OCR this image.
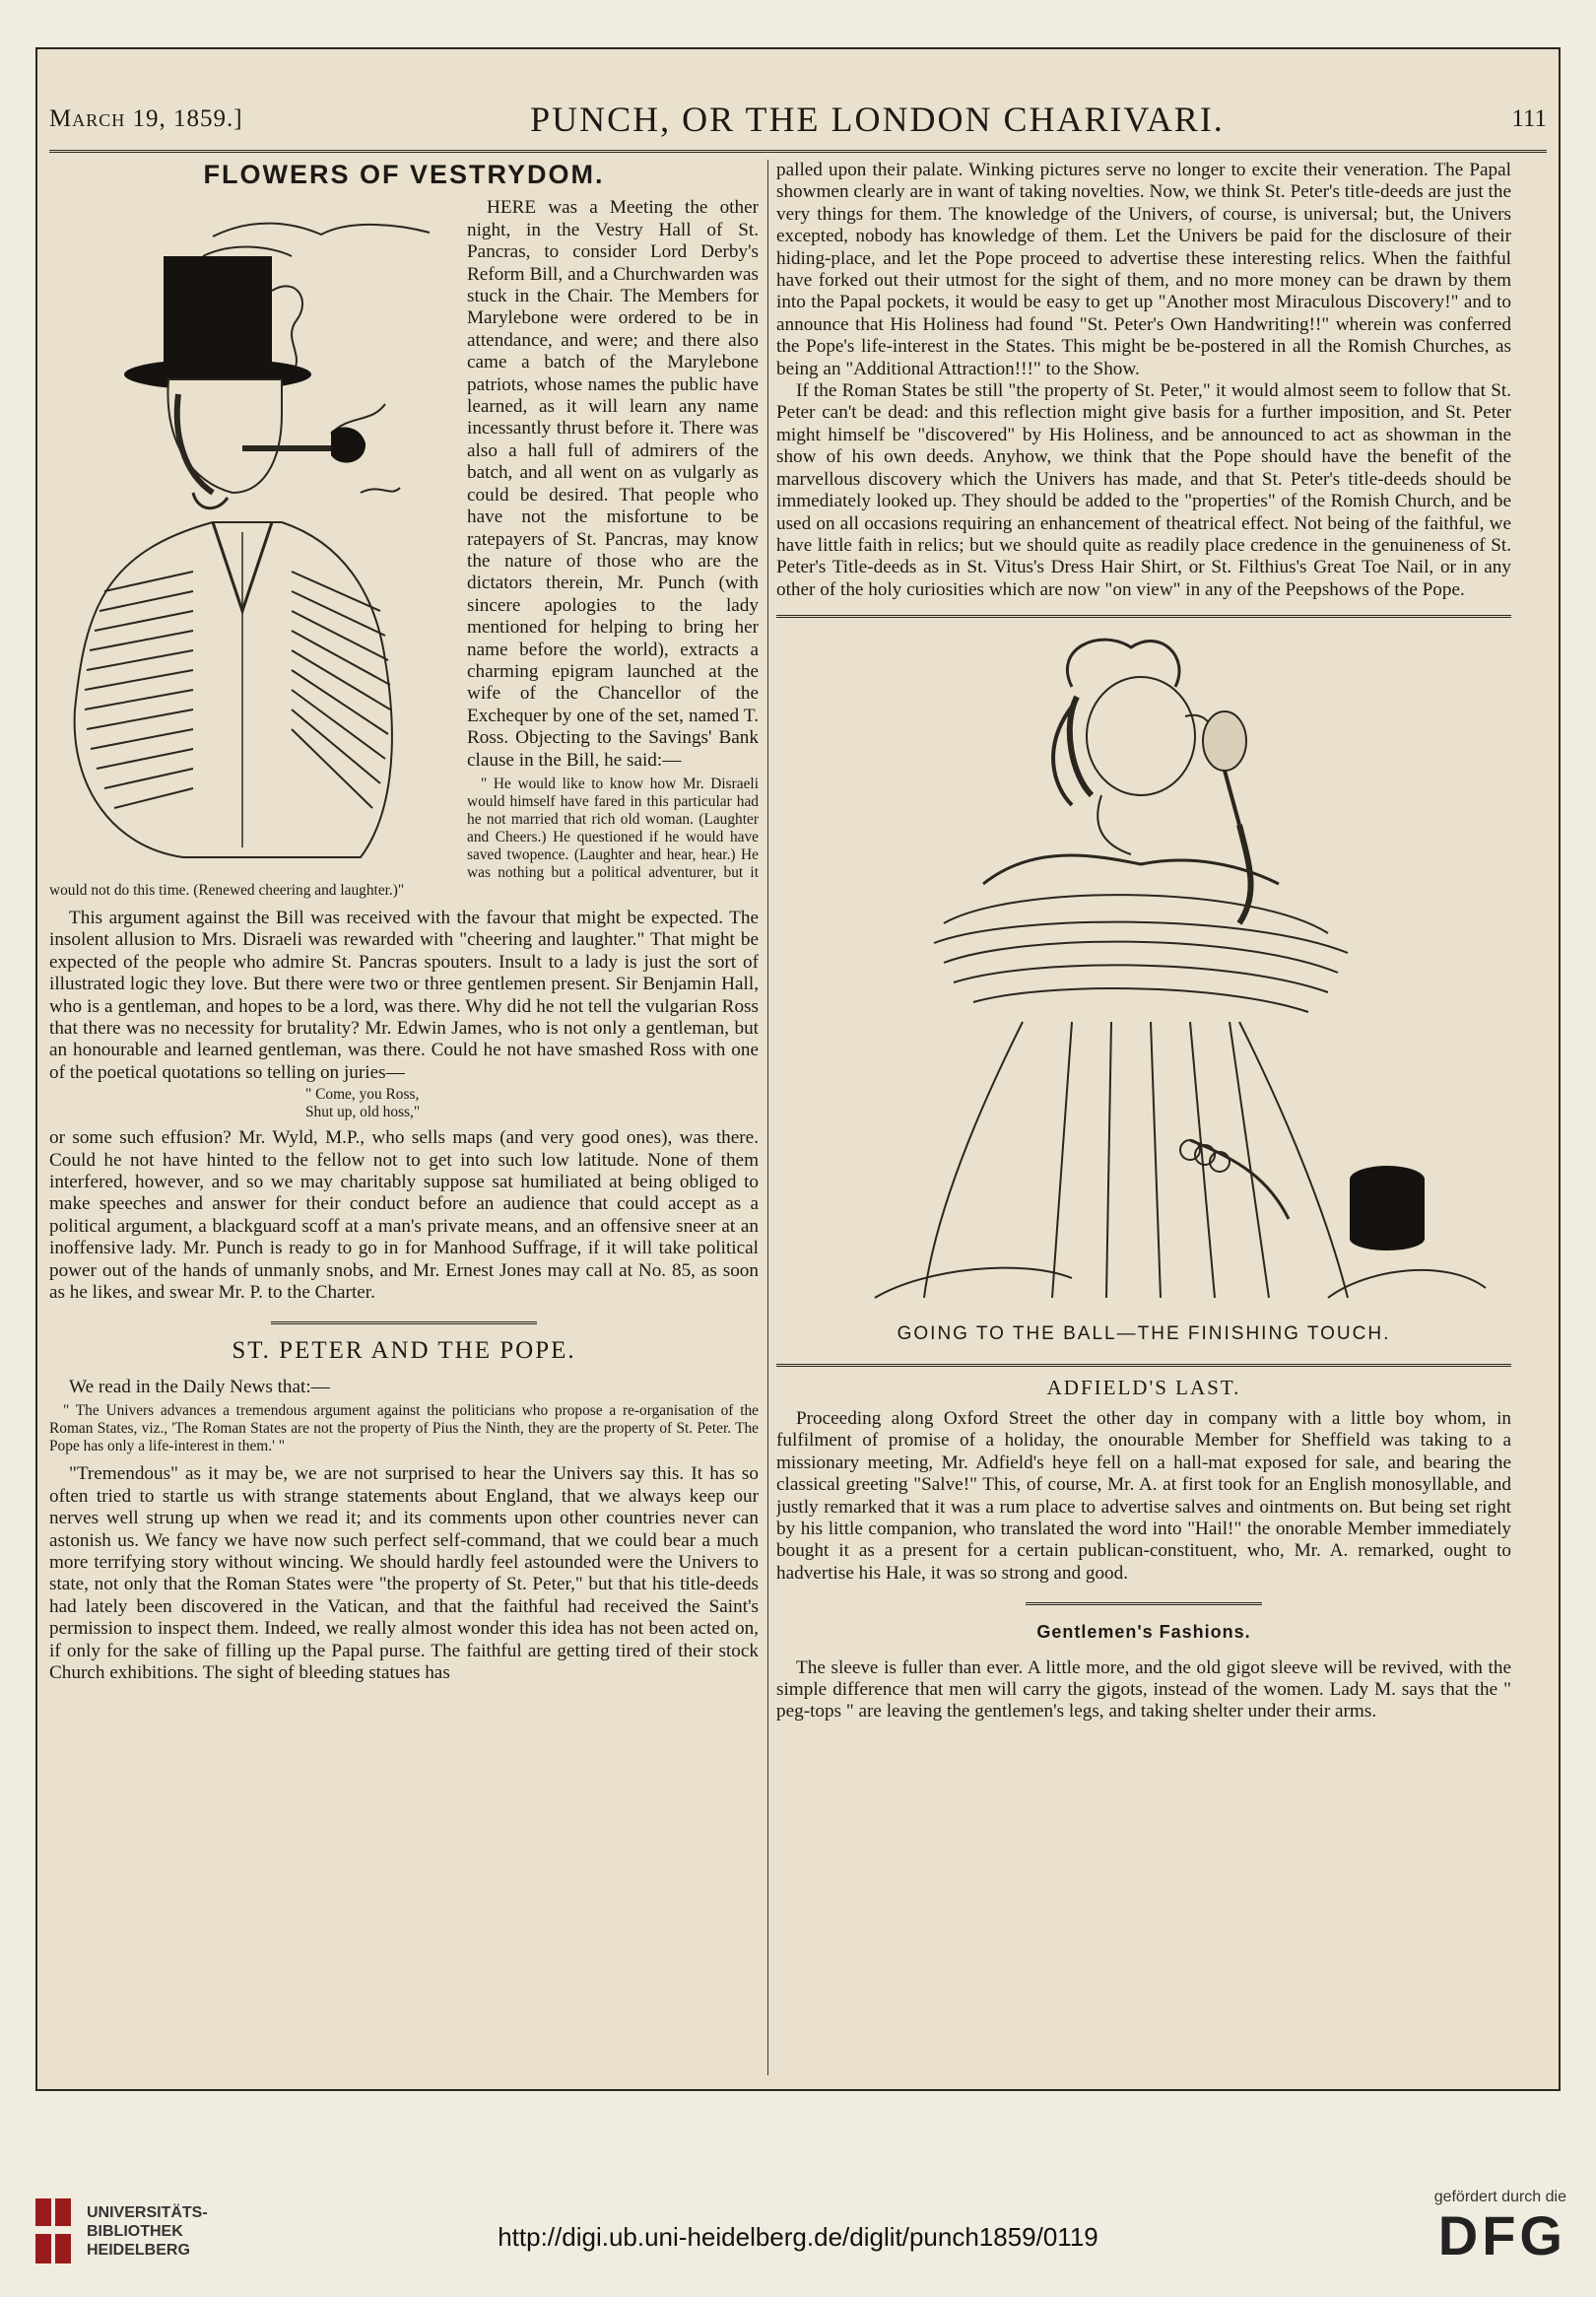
March 19, 1859.]	PUNCH, OR THE LONDON CHARIVARI.	111
FLOWERS OF VESTRYDOM.

HERE was a Meeting the other night, in the Vestry Hall of St. Pancras, to consider Lord Derby's Reform Bill, and a Churchwarden was stuck in the Chair. The Members for Marylebone were ordered to be in attendance, and were; and there also came a batch of the Marylebone patriots, whose names the public have learned, as it will learn any name incessantly thrust before it. There was also a hall full of admirers of the batch, and all went on as vulgarly as could be desired. That people who have not the misfortune to be ratepayers of St. Pancras, may know the nature of those who are the dictators therein, Mr. Punch (with sincere apologies to the lady mentioned for helping to bring her name before the world), extracts a charming epigram launched at the wife of the Chancellor of the Exchequer by one of the set, named T. Ross. Objecting to the Savings' Bank clause in the Bill, he said:—

" He would like to know how Mr. Disraeli would himself have fared in this particular had he not married that rich old woman. (Laughter and Cheers.) He questioned if he would have saved twopence. (Laughter and hear, hear.) He was nothing but a political adventurer, but it would not do this time. (Renewed cheering and laughter.)"

This argument against the Bill was received with the favour that might be expected. The insolent allusion to Mrs. Disraeli was rewarded with "cheering and laughter." That might be expected of the people who admire St. Pancras spouters. Insult to a lady is just the sort of illustrated logic they love. But there were two or three gentlemen present. Sir Benjamin Hall, who is a gentleman, and hopes to be a lord, was there. Why did he not tell the vulgarian Ross that there was no necessity for brutality? Mr. Edwin James, who is not only a gentleman, but an honourable and learned gentleman, was there. Could he not have smashed Ross with one of the poetical quotations so telling on juries—

" Come, you Ross,

Shut up, old hoss,"

or some such effusion? Mr. Wyld, M.P., who sells maps (and very good ones), was there. Could he not have hinted to the fellow not to get into such low latitude. None of them interfered, however, and so we may charitably suppose sat humiliated at being obliged to make speeches and answer for their conduct before an audience that could accept as a political argument, a blackguard scoff at a man's private means, and an offensive sneer at an inoffensive lady. Mr. Punch is ready to go in for Manhood Suffrage, if it will take political power out of the hands of unmanly snobs, and Mr. Ernest Jones may call at No. 85, as soon as he likes, and swear Mr. P. to the Charter.

ST. PETER AND THE POPE.

We read in the Daily News that:—

" The Univers advances a tremendous argument against the politicians who propose a re-organisation of the Roman States, viz., 'The Roman States are not the property of Pius the Ninth, they are the property of St. Peter. The Pope has only a life-interest in them.' "

"Tremendous" as it may be, we are not surprised to hear the Univers say this. It has so often tried to startle us with strange statements about England, that we always keep our nerves well strung up when we read it; and its comments upon other countries never can astonish us. We fancy we have now such perfect self-command, that we could bear a much more terrifying story without wincing. We should hardly feel astounded were the Univers to state, not only that the Roman States were "the property of St. Peter," but that his title-deeds had lately been discovered in the Vatican, and that the faithful had received the Saint's permission to inspect them. Indeed, we really almost wonder this idea has not been acted on, if only for the sake of filling up the Papal purse. The faithful are getting tired of their stock Church exhibitions. The sight of bleeding statues has

palled upon their palate. Winking pictures serve no longer to excite their veneration. The Papal showmen clearly are in want of taking novelties. Now, we think St. Peter's title-deeds are just the very things for them. The knowledge of the Univers, of course, is universal; but, the Univers excepted, nobody has knowledge of them. Let the Univers be paid for the disclosure of their hiding-place, and let the Pope proceed to advertise these interesting relics. When the faithful have forked out their utmost for the sight of them, and no more money can be drawn by them into the Papal pockets, it would be easy to get up "Another most Miraculous Discovery!" and to announce that His Holiness had found "St. Peter's Own Handwriting!!" wherein was conferred the Pope's life-interest in the States. This might be be-postered in all the Romish Churches, as being an "Additional Attraction!!!" to the Show.

If the Roman States be still "the property of St. Peter," it would almost seem to follow that St. Peter can't be dead: and this reflection might give basis for a further imposition, and St. Peter might himself be "discovered" by His Holiness, and be announced to act as showman in the show of his own deeds. Anyhow, we think that the Pope should have the benefit of the marvellous discovery which the Univers has made, and that St. Peter's title-deeds should be immediately looked up. They should be added to the "properties" of the Romish Church, and be used on all occasions requiring an enhancement of theatrical effect. Not being of the faithful, we have little faith in relics; but we should quite as readily place credence in the genuineness of St. Peter's Title-deeds as in St. Vitus's Dress Hair Shirt, or St. Filthius's Great Toe Nail, or in any other of the holy curiosities which are now "on view" in any of the Peepshows of the Pope.

GOING TO THE BALL—THE FINISHING TOUCH.
ADFIELD'S LAST.

Proceeding along Oxford Street the other day in company with a little boy whom, in fulfilment of promise of a holiday, the onourable Member for Sheffield was taking to a missionary meeting, Mr. Adfield's heye fell on a hall-mat exposed for sale, and bearing the classical greeting "Salve!" This, of course, Mr. A. at first took for an English monosyllable, and justly remarked that it was a rum place to advertise salves and ointments on. But being set right by his little companion, who translated the word into "Hail!" the onorable Member immediately bought it as a present for a certain publican-constituent, who, Mr. A. remarked, ought to hadvertise his Hale, it was so strong and good.

Gentlemen's Fashions.

The sleeve is fuller than ever. A little more, and the old gigot sleeve will be revived, with the simple difference that men will carry the gigots, instead of the women. Lady M. says that the " peg-tops " are leaving the gentlemen's legs, and taking shelter under their arms.

UNIVERSITÄTS-
BIBLIOTHEK
HEIDELBERG	http://digi.ub.uni-heidelberg.de/diglit/punch1859/0119
gefördert durch die
DFG
